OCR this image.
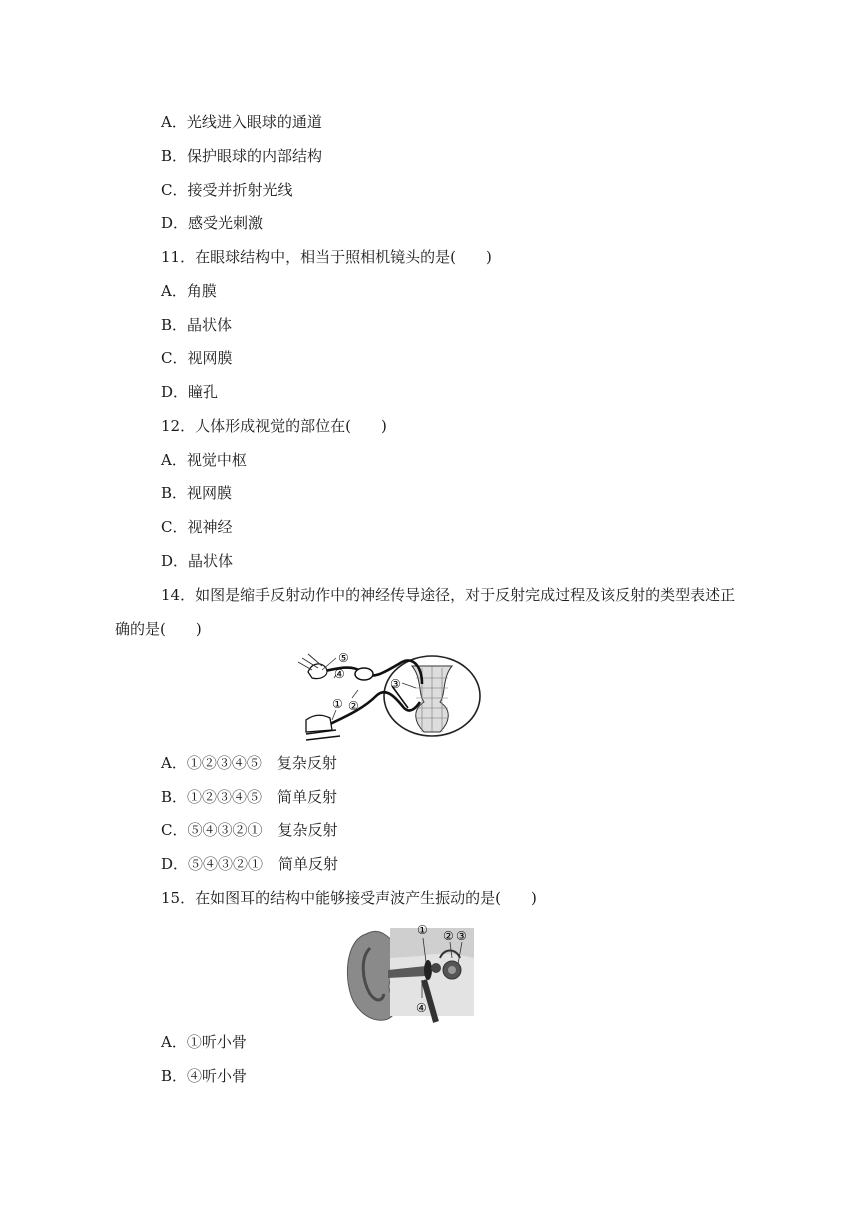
A．光线进入眼球的通道
B．保护眼球的内部结构
C．接受并折射光线
D．感受光刺激
11．在眼球结构中，相当于照相机镜头的是(　　)
A．角膜
B．晶状体
C．视网膜
D．瞳孔
12．人体形成视觉的部位在(　　)
A．视觉中枢
B．视网膜
C．视神经
D．晶状体
14．如图是缩手反射动作中的神经传导途径，对于反射完成过程及该反射的类型表述正
确的是(　　)
⑤
④
③
②
①
A．①②③④⑤　复杂反射
B．①②③④⑤　简单反射
C．⑤④③②①　复杂反射
D．⑤④③②①　简单反射
15．在如图耳的结构中能够接受声波产生振动的是(　　)
① ② ③
④
A．①听小骨
B．④听小骨
